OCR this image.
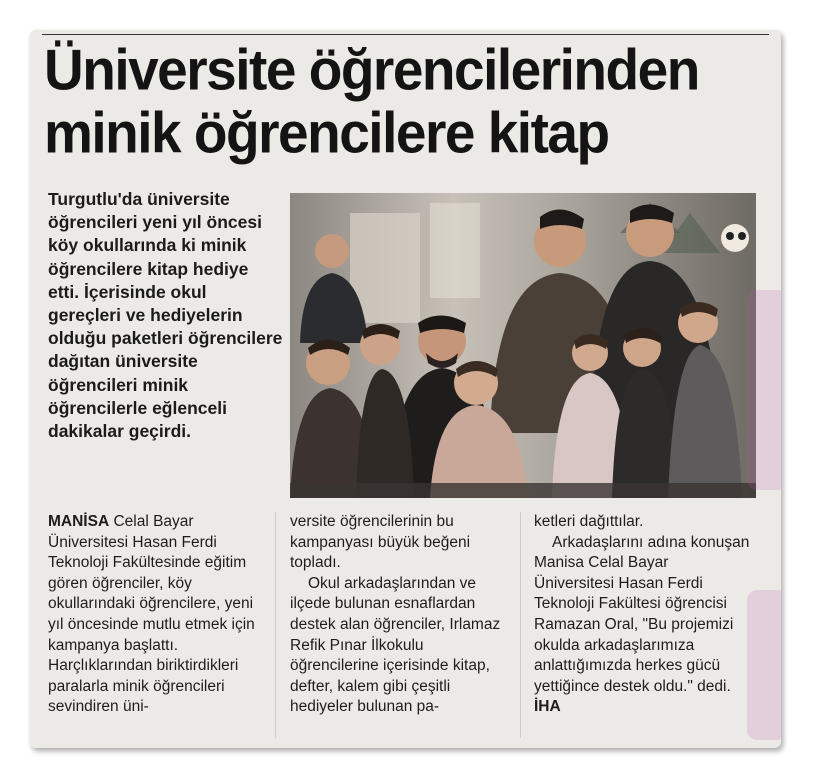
Üniversite öğrencilerinden
minik öğrencilere kitap

Turgutlu'da üniversite öğrencileri yeni yıl öncesi köy okullarında ki minik öğrencilere kitap hediye etti. İçerisinde okul gereçleri ve hediyelerin olduğu paketleri öğrencilere dağıtan üniversite öğrencileri minik öğrencilerle eğlenceli dakikalar geçirdi.

MANİSA Celal Bayar Üniversitesi Hasan Ferdi Teknoloji Fakültesinde eğitim gören öğrenciler, köy okullarındaki öğrencilere, yeni yıl öncesinde mutlu etmek için kampanya başlattı. Harçlıklarından biriktirdikleri paralarla minik öğrencileri sevindiren üni-

versite öğrencilerinin bu kampanyası büyük beğeni topladı.

Okul arkadaşlarından ve ilçede bulunan esnaflardan destek alan öğrenciler, Irlamaz Refik Pınar İlkokulu öğrencilerine içerisinde kitap, defter, kalem gibi çeşitli hediyeler bulunan pa-

ketleri dağıttılar.

Arkadaşlarını adına konuşan Manisa Celal Bayar Üniversitesi Hasan Ferdi Teknoloji Fakültesi öğrencisi Ramazan Oral, "Bu projemizi okulda arkadaşlarımıza anlattığımızda herkes gücü yettiğince destek oldu." dedi. İHA
